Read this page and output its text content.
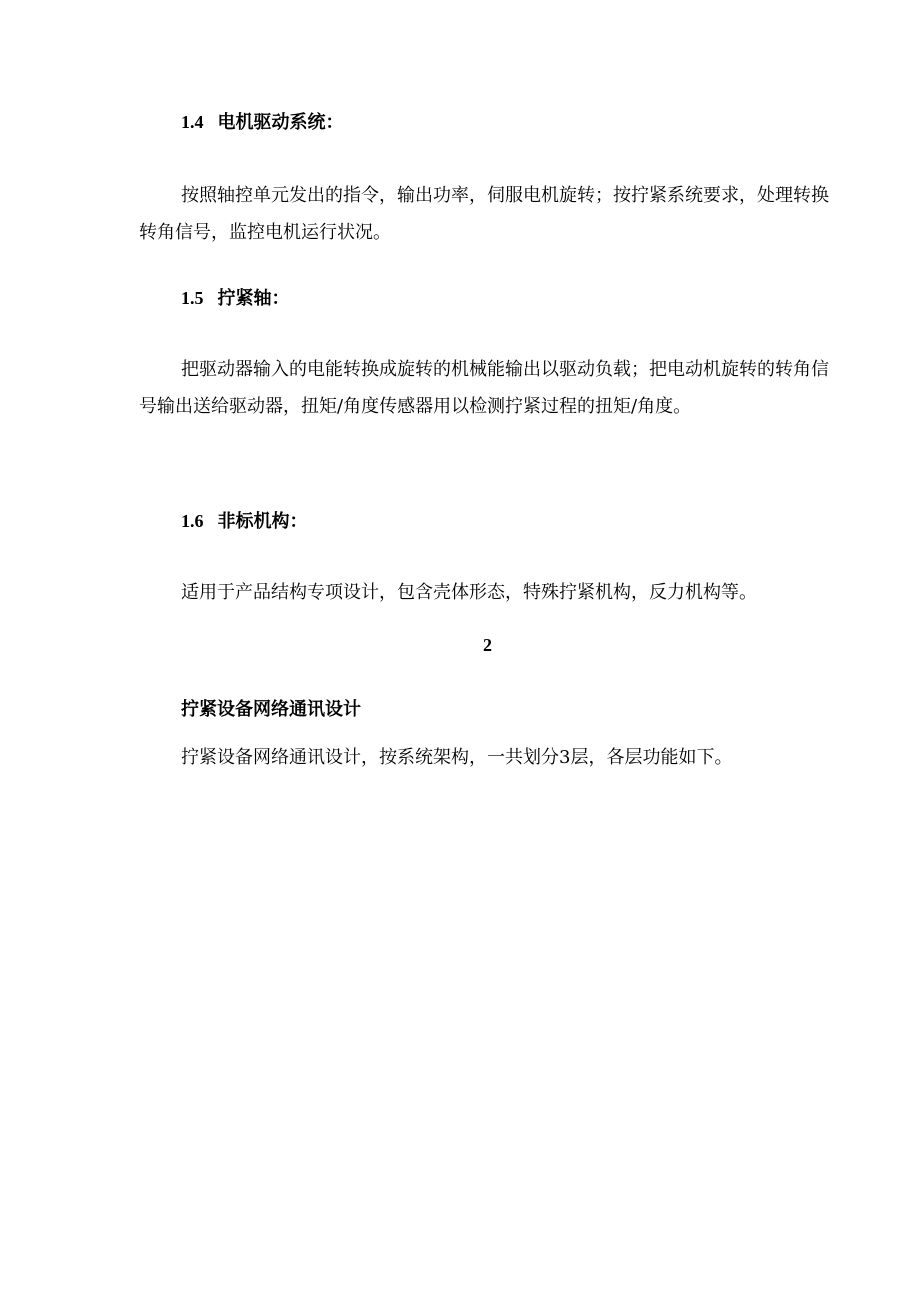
1.4 电机驱动系统：
按照轴控单元发出的指令，输出功率，伺服电机旋转；按拧紧系统要求，处理转换转角信号，监控电机运行状况。
1.5 拧紧轴：
把驱动器输入的电能转换成旋转的机械能输出以驱动负载；把电动机旋转的转角信号输出送给驱动器，扭矩/角度传感器用以检测拧紧过程的扭矩/角度。
1.6 非标机构：
适用于产品结构专项设计，包含壳体形态，特殊拧紧机构，反力机构等。
2
拧紧设备网络通讯设计
拧紧设备网络通讯设计，按系统架构，一共划分3层，各层功能如下。
